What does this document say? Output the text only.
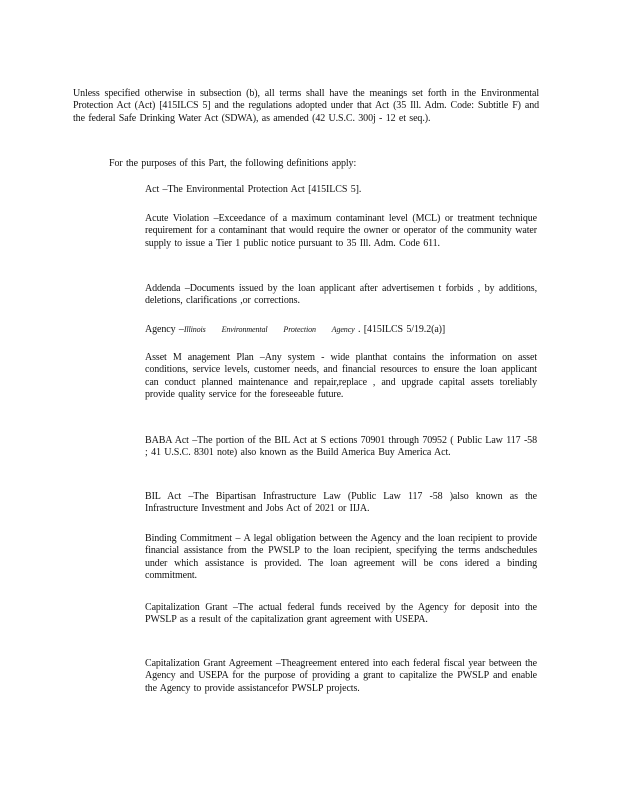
Unless specified otherwise in subsection (b), all terms shall have the meanings set forth in the Environmental Protection Act (Act) [415ILCS 5] and the regulations adopted under that Act (35 Ill. Adm. Code: Subtitle F) and the federal Safe Drinking Water Act (SDWA), as amended (42 U.S.C. 300j - 12 et seq.).

For the purposes of this Part, the following definitions apply:

Act –The Environmental Protection Act [415ILCS 5].

Acute Violation –Exceedance of a maximum contaminant level (MCL) or treatment technique requirement for a contaminant that would require the owner or operator of the community water supply to issue a Tier 1 public notice pursuant to 35 Ill. Adm. Code 611.

Addenda –Documents issued by the loan applicant after advertisemen t forbids , by additions, deletions, clarifications ,or corrections.

Agency –Illinois Environmental Protection Agency . [415ILCS 5/19.2(a)]

Asset M anagement Plan –Any system - wide planthat contains the information on asset conditions, service levels, customer needs, and financial resources to ensure the loan applicant can conduct planned maintenance and repair,replace , and upgrade capital assets toreliably provide quality service for the foreseeable future.

BABA Act –The portion of the BIL Act at S ections 70901 through 70952 ( Public Law 117 -58 ; 41 U.S.C. 8301 note) also known as the Build America Buy America Act.

BIL Act –The Bipartisan Infrastructure Law (Public Law 117 -58 )also known as the Infrastructure Investment and Jobs Act of 2021 or IIJA.

Binding Commitment – A legal obligation between the Agency and the loan recipient to provide financial assistance from the PWSLP to the loan recipient, specifying the terms andschedules under which assistance is provided. The loan agreement will be cons idered a binding commitment.

Capitalization Grant –The actual federal funds received by the Agency for deposit into the PWSLP as a result of the capitalization grant agreement with USEPA.

Capitalization Grant Agreement –Theagreement entered into each federal fiscal year between the Agency and USEPA for the purpose of providing a grant to capitalize the PWSLP and enable the Agency to provide assistancefor PWSLP projects.
